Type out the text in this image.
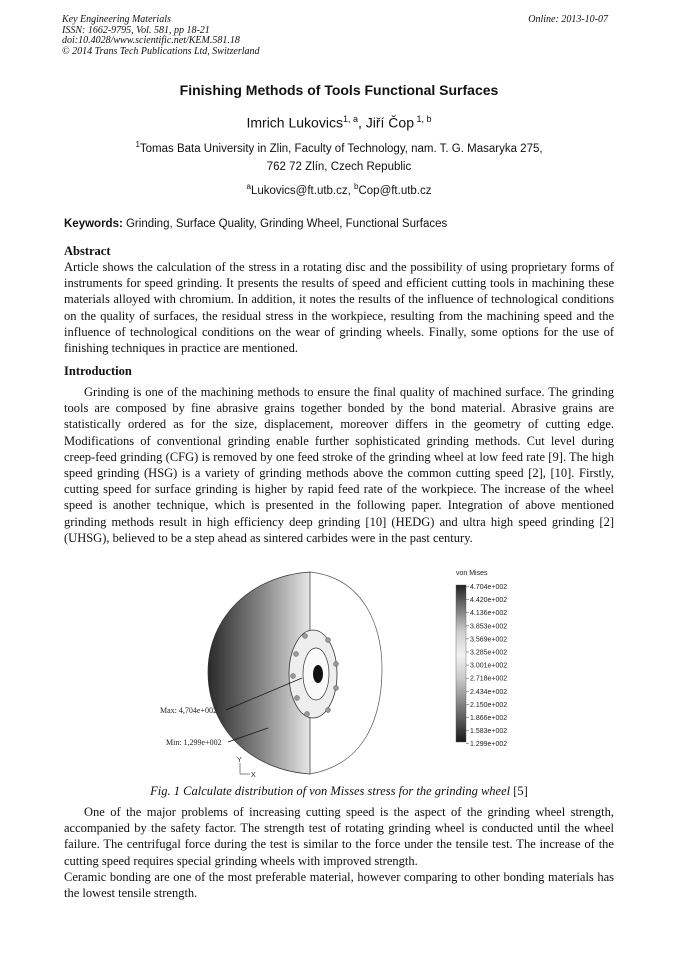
Key Engineering Materials
ISSN: 1662-9795, Vol. 581, pp 18-21
doi:10.4028/www.scientific.net/KEM.581.18
© 2014 Trans Tech Publications Ltd, Switzerland
Online: 2013-10-07
Finishing Methods of Tools Functional Surfaces
Imrich Lukovics$^{1, a}$, Jiří Čop $^{1, b}$
$^1$Tomas Bata University in Zlin, Faculty of Technology, nam. T. G. Masaryka 275,
762 72 Zlín, Czech Republic
$^a$Lukovics@ft.utb.cz, $^b$Cop@ft.utb.cz
Keywords: Grinding, Surface Quality, Grinding Wheel, Functional Surfaces
Abstract
Article shows the calculation of the stress in a rotating disc and the possibility of using proprietary forms of instruments for speed grinding. It presents the results of speed and efficient cutting tools in machining these materials alloyed with chromium. In addition, it notes the results of the influence of technological conditions on the quality of surfaces, the residual stress in the workpiece, resulting from the machining speed and the influence of technological conditions on the wear of grinding wheels. Finally, some options for the use of finishing techniques in practice are mentioned.
Introduction
Grinding is one of the machining methods to ensure the final quality of machined surface. The grinding tools are composed by fine abrasive grains together bonded by the bond material. Abrasive grains are statistically ordered as for the size, displacement, moreover differs in the geometry of cutting edge. Modifications of conventional grinding enable further sophisticated grinding methods. Cut level during creep-feed grinding (CFG) is removed by one feed stroke of the grinding wheel at low feed rate [9]. The high speed grinding (HSG) is a variety of grinding methods above the common cutting speed [2], [10]. Firstly, cutting speed for surface grinding is higher by rapid feed rate of the workpiece. The increase of the wheel speed is another technique, which is presented in the following paper. Integration of above mentioned grinding methods result in high efficiency deep grinding [10] (HEDG) and ultra high speed grinding [2] (UHSG), believed to be a step ahead as sintered carbides were in the past century.
Max: 4,704e+002
Min: 1,299e+002
Y
X
von Mises
4.704e+002
4.420e+002
4.136e+002
3.853e+002
3.569e+002
3.285e+002
3.001e+002
2.718e+002
2.434e+002
2.150e+002
1.866e+002
1.583e+002
1.299e+002
Fig. 1 Calculate distribution of von Misses stress for the grinding wheel [5]
One of the major problems of increasing cutting speed is the aspect of the grinding wheel strength, accompanied by the safety factor. The strength test of rotating grinding wheel is conducted until the wheel failure. The centrifugal force during the test is similar to the force under the tensile test. The increase of the cutting speed requires special grinding wheels with improved strength.
Ceramic bonding are one of the most preferable material, however comparing to other bonding materials has the lowest tensile strength.
